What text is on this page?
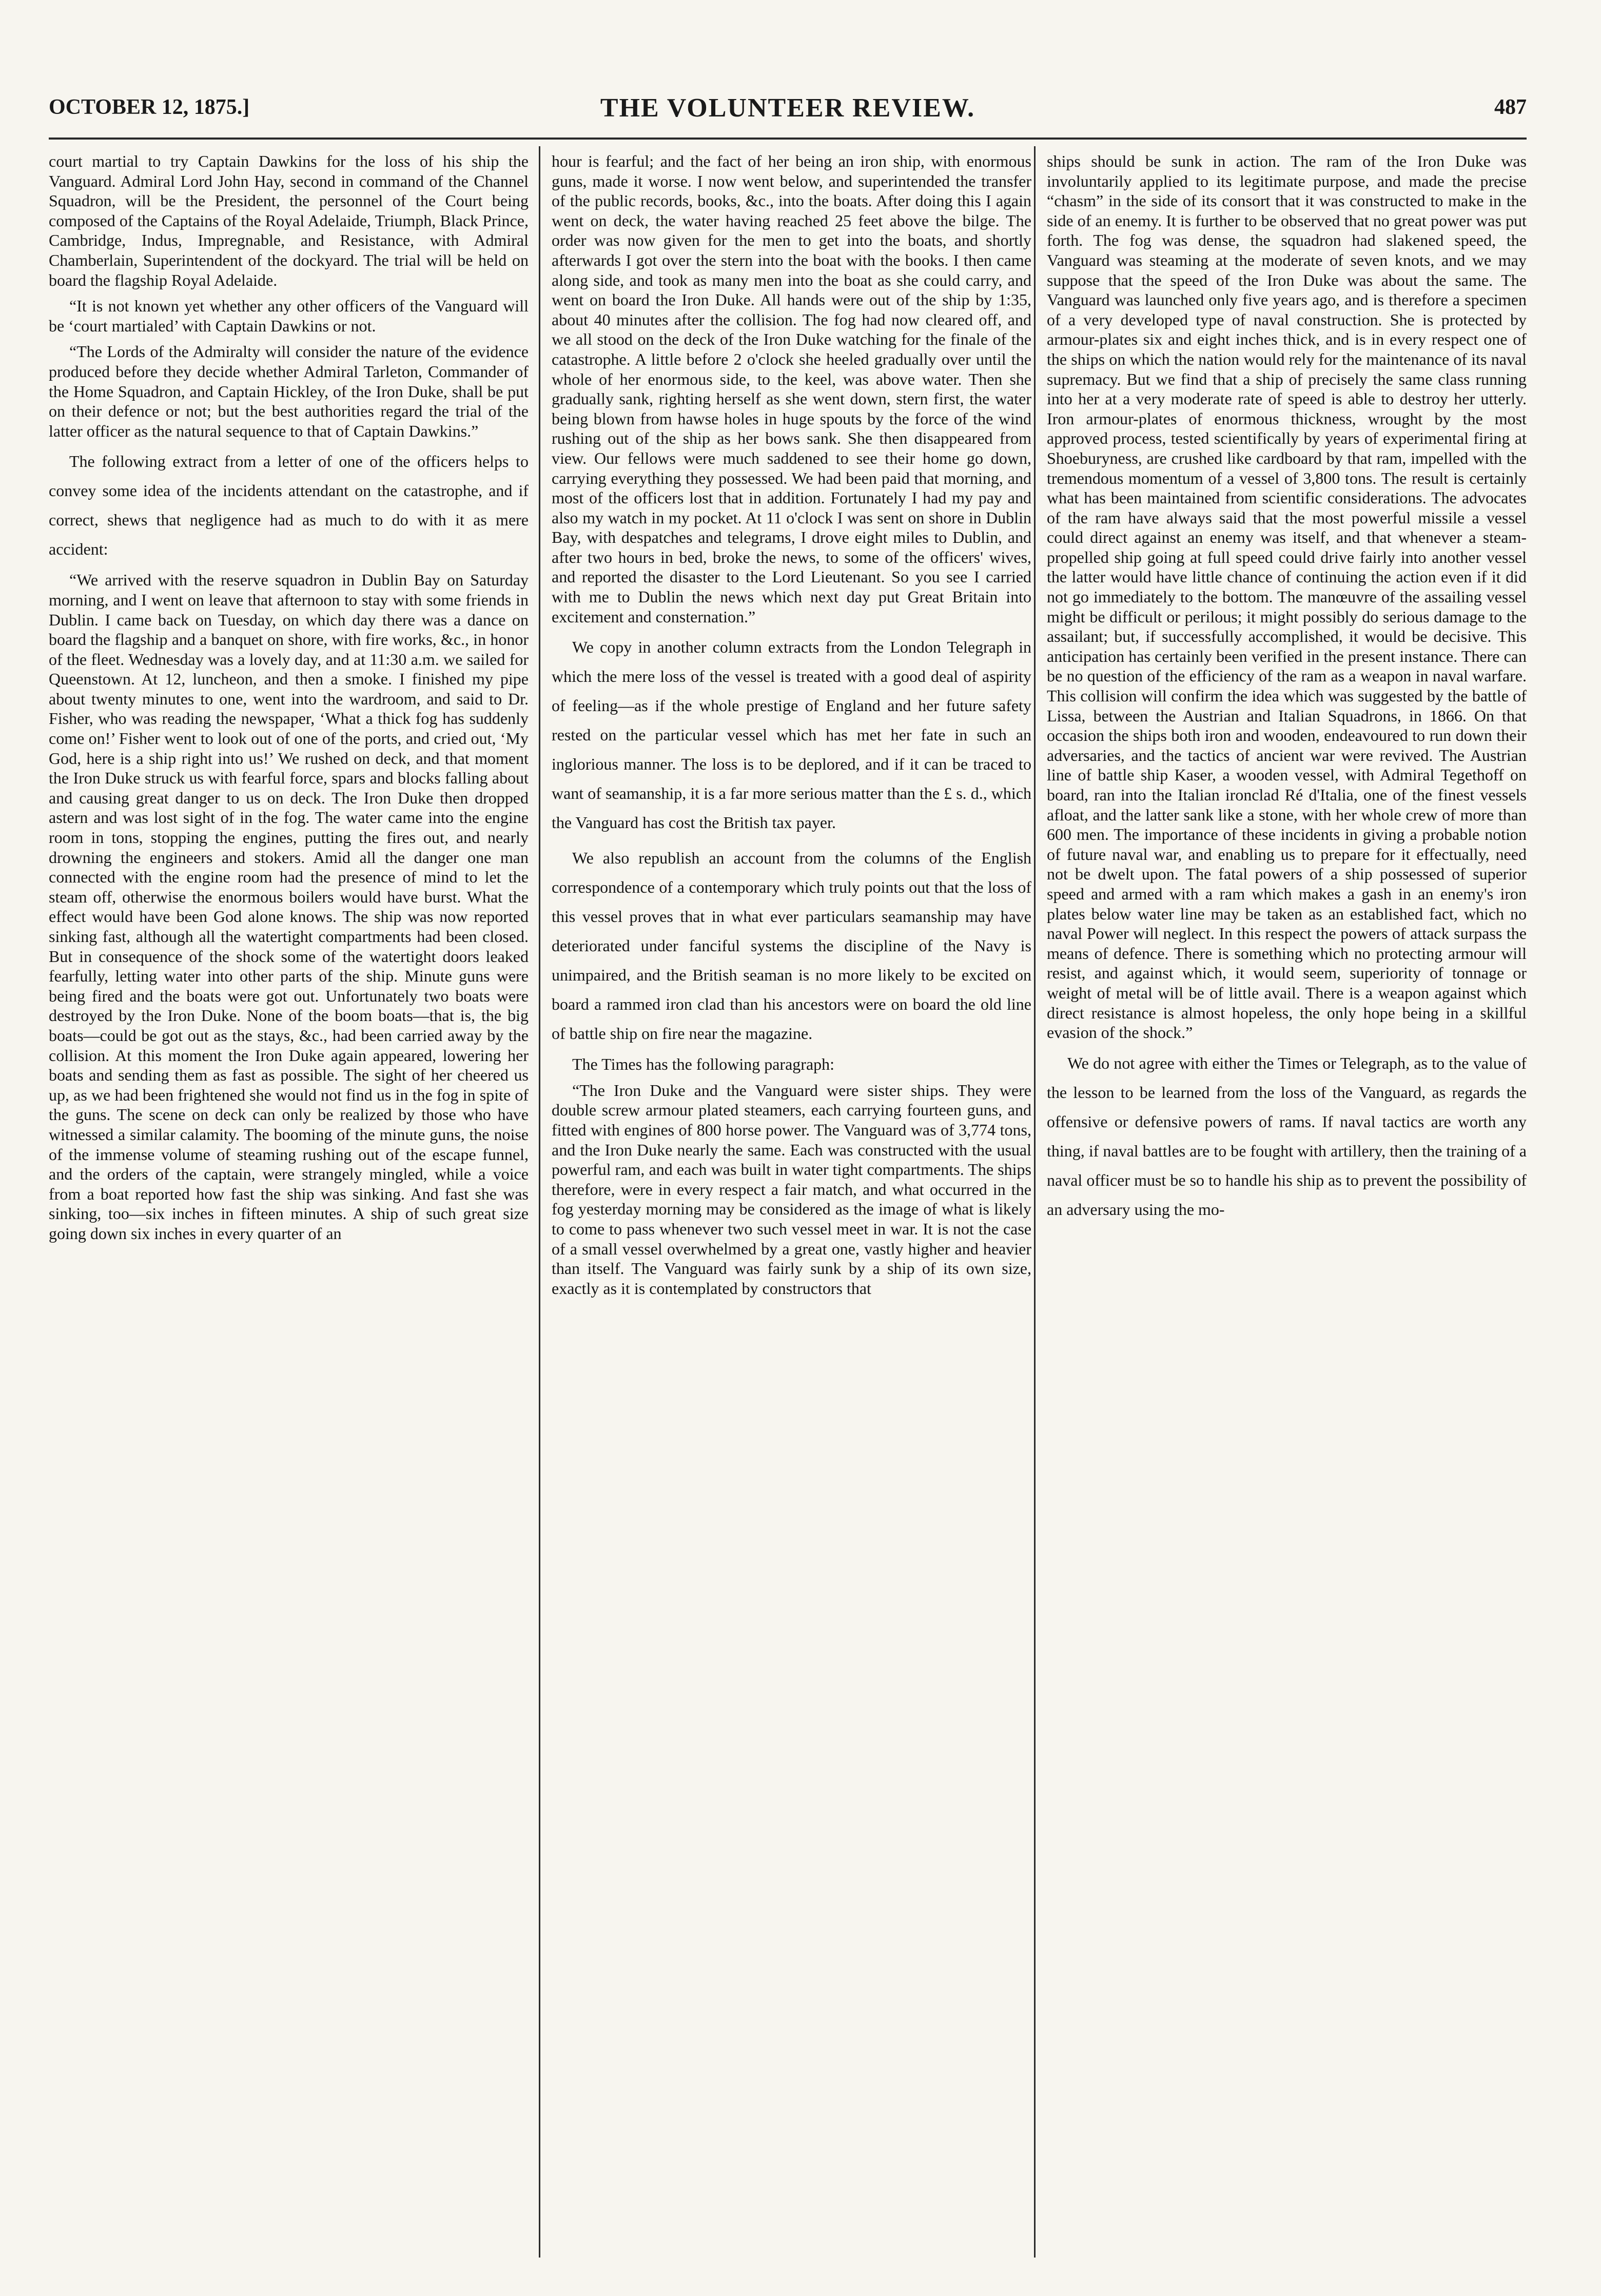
OCTOBER 12, 1875.]	THE VOLUNTEER REVIEW.	487

court martial to try Captain Dawkins for the loss of his ship the Vanguard. Admiral Lord John Hay, second in command of the Channel Squadron, will be the President, the personnel of the Court being composed of the Captains of the Royal Adelaide, Triumph, Black Prince, Cambridge, Indus, Impregnable, and Resistance, with Admiral Chamberlain, Superintendent of the dockyard. The trial will be held on board the flagship Royal Adelaide.

“It is not known yet whether any other officers of the Vanguard will be ‘court martialed’ with Captain Dawkins or not.

“The Lords of the Admiralty will consider the nature of the evidence produced before they decide whether Admiral Tarleton, Commander of the Home Squadron, and Captain Hickley, of the Iron Duke, shall be put on their defence or not; but the best authorities regard the trial of the latter officer as the natural sequence to that of Captain Dawkins.”

The following extract from a letter of one of the officers helps to convey some idea of the incidents attendant on the catastrophe, and if correct, shews that negligence had as much to do with it as mere accident:

“We arrived with the reserve squadron in Dublin Bay on Saturday morning, and I went on leave that afternoon to stay with some friends in Dublin. I came back on Tuesday, on which day there was a dance on board the flagship and a banquet on shore, with fire works, &c., in honor of the fleet. Wednesday was a lovely day, and at 11:30 a.m. we sailed for Queenstown. At 12, luncheon, and then a smoke. I finished my pipe about twenty minutes to one, went into the wardroom, and said to Dr. Fisher, who was reading the newspaper, ‘What a thick fog has suddenly come on!’ Fisher went to look out of one of the ports, and cried out, ‘My God, here is a ship right into us!’ We rushed on deck, and that moment the Iron Duke struck us with fearful force, spars and blocks falling about and causing great danger to us on deck. The Iron Duke then dropped astern and was lost sight of in the fog. The water came into the engine room in tons, stopping the engines, putting the fires out, and nearly drowning the engineers and stokers. Amid all the danger one man connected with the engine room had the presence of mind to let the steam off, otherwise the enormous boilers would have burst. What the effect would have been God alone knows. The ship was now reported sinking fast, although all the watertight compartments had been closed. But in consequence of the shock some of the watertight doors leaked fearfully, letting water into other parts of the ship. Minute guns were being fired and the boats were got out. Unfortunately two boats were destroyed by the Iron Duke. None of the boom boats—that is, the big boats—could be got out as the stays, &c., had been carried away by the collision. At this moment the Iron Duke again appeared, lowering her boats and sending them as fast as possible. The sight of her cheered us up, as we had been frightened she would not find us in the fog in spite of the guns. The scene on deck can only be realized by those who have witnessed a similar calamity. The booming of the minute guns, the noise of the immense volume of steaming rushing out of the escape funnel, and the orders of the captain, were strangely mingled, while a voice from a boat reported how fast the ship was sinking. And fast she was sinking, too—six inches in fifteen minutes. A ship of such great size going down six inches in every quarter of an

hour is fearful; and the fact of her being an iron ship, with enormous guns, made it worse. I now went below, and superintended the transfer of the public records, books, &c., into the boats. After doing this I again went on deck, the water having reached 25 feet above the bilge. The order was now given for the men to get into the boats, and shortly afterwards I got over the stern into the boat with the books. I then came along side, and took as many men into the boat as she could carry, and went on board the Iron Duke. All hands were out of the ship by 1:35, about 40 minutes after the collision. The fog had now cleared off, and we all stood on the deck of the Iron Duke watching for the finale of the catastrophe. A little before 2 o'clock she heeled gradually over until the whole of her enormous side, to the keel, was above water. Then she gradually sank, righting herself as she went down, stern first, the water being blown from hawse holes in huge spouts by the force of the wind rushing out of the ship as her bows sank. She then disappeared from view. Our fellows were much saddened to see their home go down, carrying everything they possessed. We had been paid that morning, and most of the officers lost that in addition. Fortunately I had my pay and also my watch in my pocket. At 11 o'clock I was sent on shore in Dublin Bay, with despatches and telegrams, I drove eight miles to Dublin, and after two hours in bed, broke the news, to some of the officers' wives, and reported the disaster to the Lord Lieutenant. So you see I carried with me to Dublin the news which next day put Great Britain into excitement and consternation.”

We copy in another column extracts from the London Telegraph in which the mere loss of the vessel is treated with a good deal of aspirity of feeling—as if the whole prestige of England and her future safety rested on the particular vessel which has met her fate in such an inglorious manner. The loss is to be deplored, and if it can be traced to want of seamanship, it is a far more serious matter than the £ s. d., which the Vanguard has cost the British tax payer.

We also republish an account from the columns of the English correspondence of a contemporary which truly points out that the loss of this vessel proves that in what ever particulars seamanship may have deteriorated under fanciful systems the discipline of the Navy is unimpaired, and the British seaman is no more likely to be excited on board a rammed iron clad than his ancestors were on board the old line of battle ship on fire near the magazine.

The Times has the following paragraph:

“The Iron Duke and the Vanguard were sister ships. They were double screw armour plated steamers, each carrying fourteen guns, and fitted with engines of 800 horse power. The Vanguard was of 3,774 tons, and the Iron Duke nearly the same. Each was constructed with the usual powerful ram, and each was built in water tight compartments. The ships therefore, were in every respect a fair match, and what occurred in the fog yesterday morning may be considered as the image of what is likely to come to pass whenever two such vessel meet in war. It is not the case of a small vessel overwhelmed by a great one, vastly higher and heavier than itself. The Vanguard was fairly sunk by a ship of its own size, exactly as it is contemplated by constructors that

ships should be sunk in action. The ram of the Iron Duke was involuntarily applied to its legitimate purpose, and made the precise “chasm” in the side of its consort that it was constructed to make in the side of an enemy. It is further to be observed that no great power was put forth. The fog was dense, the squadron had slakened speed, the Vanguard was steaming at the moderate of seven knots, and we may suppose that the speed of the Iron Duke was about the same. The Vanguard was launched only five years ago, and is therefore a specimen of a very developed type of naval construction. She is protected by armour-plates six and eight inches thick, and is in every respect one of the ships on which the nation would rely for the maintenance of its naval supremacy. But we find that a ship of precisely the same class running into her at a very moderate rate of speed is able to destroy her utterly. Iron armour-plates of enormous thickness, wrought by the most approved process, tested scientifically by years of experimental firing at Shoeburyness, are crushed like cardboard by that ram, impelled with the tremendous momentum of a vessel of 3,800 tons. The result is certainly what has been maintained from scientific considerations. The advocates of the ram have always said that the most powerful missile a vessel could direct against an enemy was itself, and that whenever a steam-propelled ship going at full speed could drive fairly into another vessel the latter would have little chance of continuing the action even if it did not go immediately to the bottom. The manœuvre of the assailing vessel might be difficult or perilous; it might possibly do serious damage to the assailant; but, if successfully accomplished, it would be decisive. This anticipation has certainly been verified in the present instance. There can be no question of the efficiency of the ram as a weapon in naval warfare. This collision will confirm the idea which was suggested by the battle of Lissa, between the Austrian and Italian Squadrons, in 1866. On that occasion the ships both iron and wooden, endeavoured to run down their adversaries, and the tactics of ancient war were revived. The Austrian line of battle ship Kaser, a wooden vessel, with Admiral Tegethoff on board, ran into the Italian ironclad Ré d'Italia, one of the finest vessels afloat, and the latter sank like a stone, with her whole crew of more than 600 men. The importance of these incidents in giving a probable notion of future naval war, and enabling us to prepare for it effectually, need not be dwelt upon. The fatal powers of a ship possessed of superior speed and armed with a ram which makes a gash in an enemy's iron plates below water line may be taken as an established fact, which no naval Power will neglect. In this respect the powers of attack surpass the means of defence. There is something which no protecting armour will resist, and against which, it would seem, superiority of tonnage or weight of metal will be of little avail. There is a weapon against which direct resistance is almost hopeless, the only hope being in a skillful evasion of the shock.”

We do not agree with either the Times or Telegraph, as to the value of the lesson to be learned from the loss of the Vanguard, as regards the offensive or defensive powers of rams. If naval tactics are worth any thing, if naval battles are to be fought with artillery, then the training of a naval officer must be so to handle his ship as to prevent the possibility of an adversary using the mo-
